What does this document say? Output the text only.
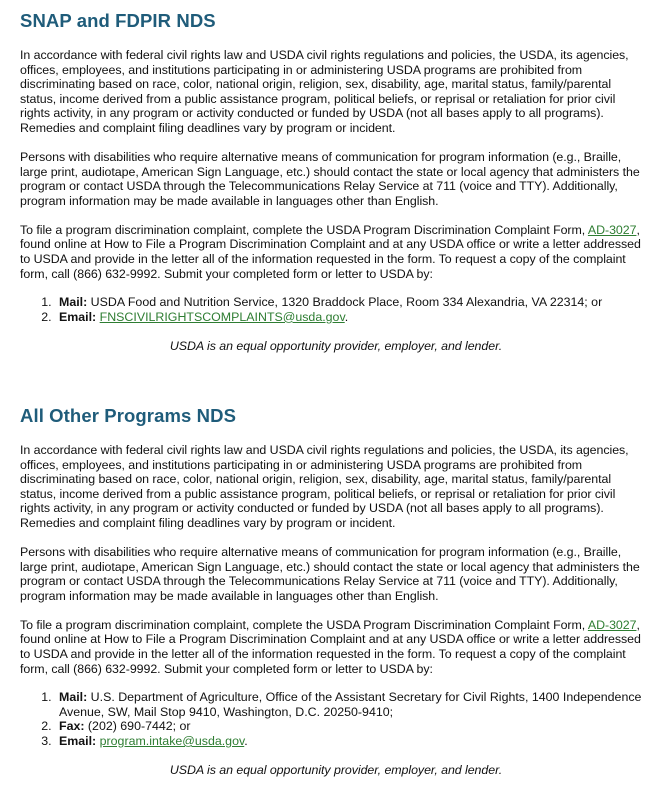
SNAP and FDPIR NDS

In accordance with federal civil rights law and USDA civil rights regulations and policies, the USDA, its agencies, offices, employees, and institutions participating in or administering USDA programs are prohibited from discriminating based on race, color, national origin, religion, sex, disability, age, marital status, family/parental status, income derived from a public assistance program, political beliefs, or reprisal or retaliation for prior civil rights activity, in any program or activity conducted or funded by USDA (not all bases apply to all programs). Remedies and complaint filing deadlines vary by program or incident.

Persons with disabilities who require alternative means of communication for program information (e.g., Braille, large print, audiotape, American Sign Language, etc.) should contact the state or local agency that administers the program or contact USDA through the Telecommunications Relay Service at 711 (voice and TTY). Additionally, program information may be made available in languages other than English.

To file a program discrimination complaint, complete the USDA Program Discrimination Complaint Form, AD-3027, found online at How to File a Program Discrimination Complaint and at any USDA office or write a letter addressed to USDA and provide in the letter all of the information requested in the form. To request a copy of the complaint form, call (866) 632-9992. Submit your completed form or letter to USDA by:

1. Mail: USDA Food and Nutrition Service, 1320 Braddock Place, Room 334 Alexandria, VA 22314; or
2. Email: FNSCIVILRIGHTSCOMPLAINTS@usda.gov.

USDA is an equal opportunity provider, employer, and lender.

All Other Programs NDS

In accordance with federal civil rights law and USDA civil rights regulations and policies, the USDA, its agencies, offices, employees, and institutions participating in or administering USDA programs are prohibited from discriminating based on race, color, national origin, religion, sex, disability, age, marital status, family/parental status, income derived from a public assistance program, political beliefs, or reprisal or retaliation for prior civil rights activity, in any program or activity conducted or funded by USDA (not all bases apply to all programs). Remedies and complaint filing deadlines vary by program or incident.

Persons with disabilities who require alternative means of communication for program information (e.g., Braille, large print, audiotape, American Sign Language, etc.) should contact the state or local agency that administers the program or contact USDA through the Telecommunications Relay Service at 711 (voice and TTY). Additionally, program information may be made available in languages other than English.

To file a program discrimination complaint, complete the USDA Program Discrimination Complaint Form, AD-3027, found online at How to File a Program Discrimination Complaint and at any USDA office or write a letter addressed to USDA and provide in the letter all of the information requested in the form. To request a copy of the complaint form, call (866) 632-9992. Submit your completed form or letter to USDA by:

1. Mail: U.S. Department of Agriculture, Office of the Assistant Secretary for Civil Rights, 1400 Independence Avenue, SW, Mail Stop 9410, Washington, D.C. 20250-9410;
2. Fax: (202) 690-7442; or
3. Email: program.intake@usda.gov.

USDA is an equal opportunity provider, employer, and lender.
